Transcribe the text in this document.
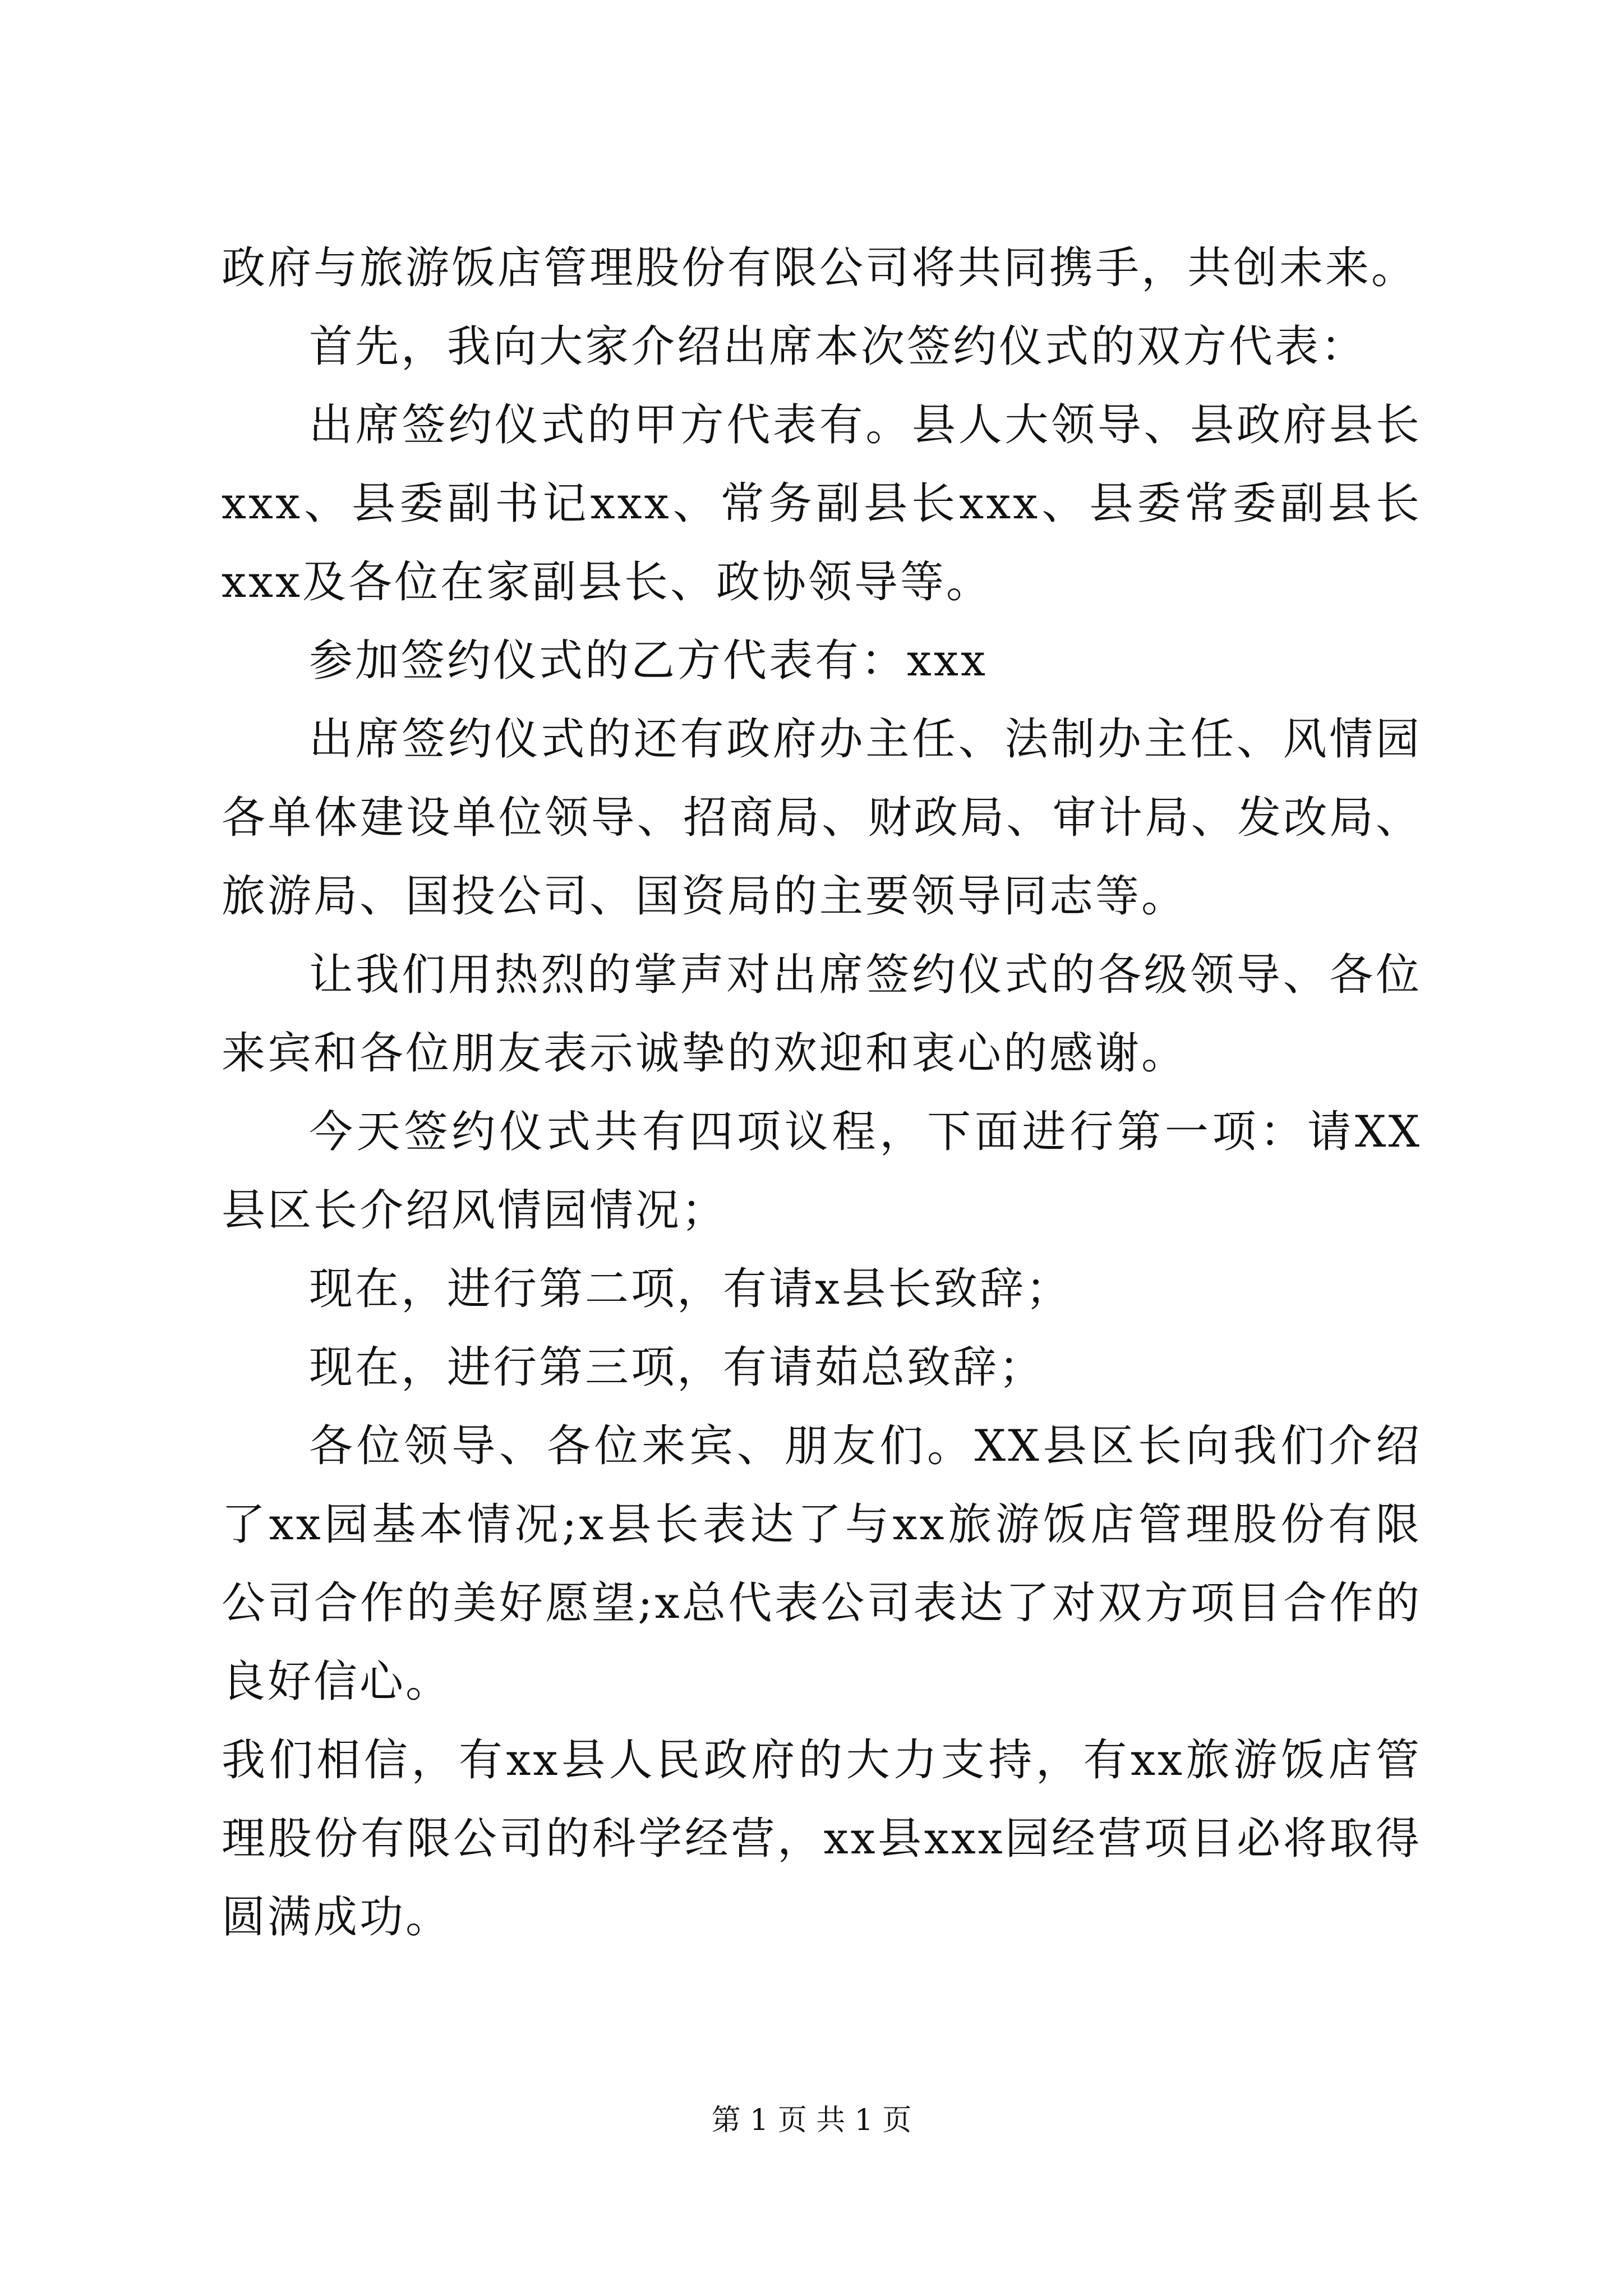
政府与旅游饭店管理股份有限公司将共同携手，共创未来。

首先，我向大家介绍出席本次签约仪式的双方代表：

出席签约仪式的甲方代表有。县人大领导、县政府县长xxx、县委副书记xxx、常务副县长xxx、县委常委副县长xxx及各位在家副县长、政协领导等。

参加签约仪式的乙方代表有：xxx

出席签约仪式的还有政府办主任、法制办主任、风情园各单体建设单位领导、招商局、财政局、审计局、发改局、旅游局、国投公司、国资局的主要领导同志等。

让我们用热烈的掌声对出席签约仪式的各级领导、各位来宾和各位朋友表示诚挚的欢迎和衷心的感谢。

今天签约仪式共有四项议程，下面进行第一项：请XX县区长介绍风情园情况；

现在，进行第二项，有请x县长致辞；

现在，进行第三项，有请茹总致辞；

各位领导、各位来宾、朋友们。XX县区长向我们介绍了xx园基本情况;x县长表达了与xx旅游饭店管理股份有限公司合作的美好愿望;x总代表公司表达了对双方项目合作的良好信心。

我们相信，有xx县人民政府的大力支持，有xx旅游饭店管理股份有限公司的科学经营，xx县xxx园经营项目必将取得圆满成功。

第 1 页 共 1 页
